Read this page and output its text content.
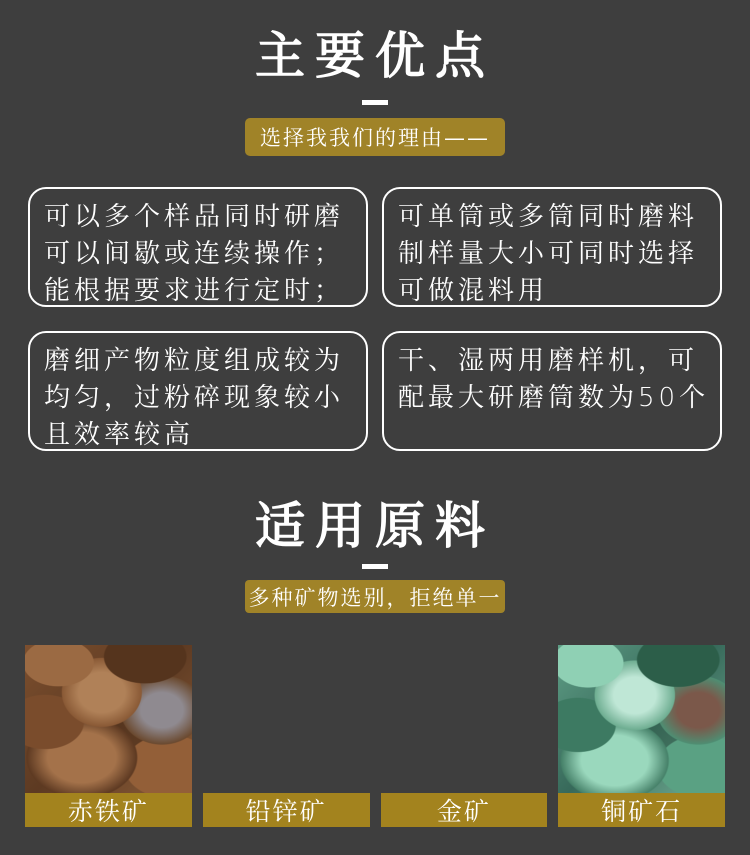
主要优点
选择我我们的理由——
可以多个样品同时研磨
可以间歇或连续操作；
能根据要求进行定时；
可单筒或多筒同时磨料
制样量大小可同时选择
可做混料用
磨细产物粒度组成较为
均匀，过粉碎现象较小
且效率较高
干、湿两用磨样机，可
配最大研磨筒数为50个
适用原料
多种矿物选别，拒绝单一
赤铁矿	铅锌矿	金矿	铜矿石
